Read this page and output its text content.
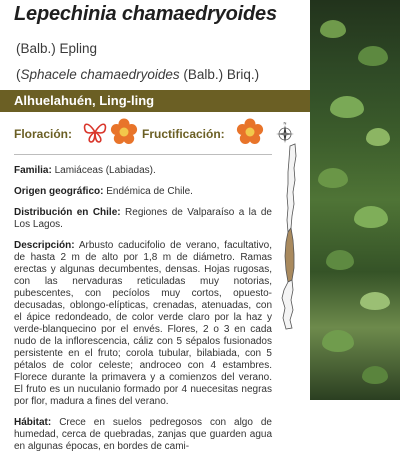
Lepechinia chamaedryoides
(Balb.) Epling
(Sphacele chamaedryoides (Balb.) Briq.)
Alhuelahuén, Ling-ling
Floración:	Fructificación:

Familia: Lamiáceas (Labiadas).

Origen geográfico: Endémica de Chile.

Distribución en Chile: Regiones de Valparaíso a la de Los Lagos.

Descripción: Arbusto caducifolio de verano, facultativo, de hasta 2 m de alto por 1,8 m de diámetro. Ramas erectas y algunas decumbentes, densas. Hojas rugosas, con las nervaduras reticuladas muy notorias, pubescentes, con pecíolos muy cortos, opuesto-decusadas, oblongo-elípticas, crenadas, atenuadas, con el ápice redondeado, de color verde claro por la haz y verde-blanquecino por el envés. Flores, 2 o 3 en cada nudo de la inflorescencia, cáliz con 5 sépalos fusionados persistente en el fruto; corola tubular, bilabiada, con 5 pétalos de color celeste; androceo con 4 estambres. Florece durante la primavera y a comienzos del verano. El fruto es un nuculanio formado por 4 nuecesitas negras por flor, madura a fines del verano.

Hábitat: Crece en suelos pedregosos con algo de humedad, cerca de quebradas, zanjas que guarden agua en algunas épocas, en bordes de cami-

N
